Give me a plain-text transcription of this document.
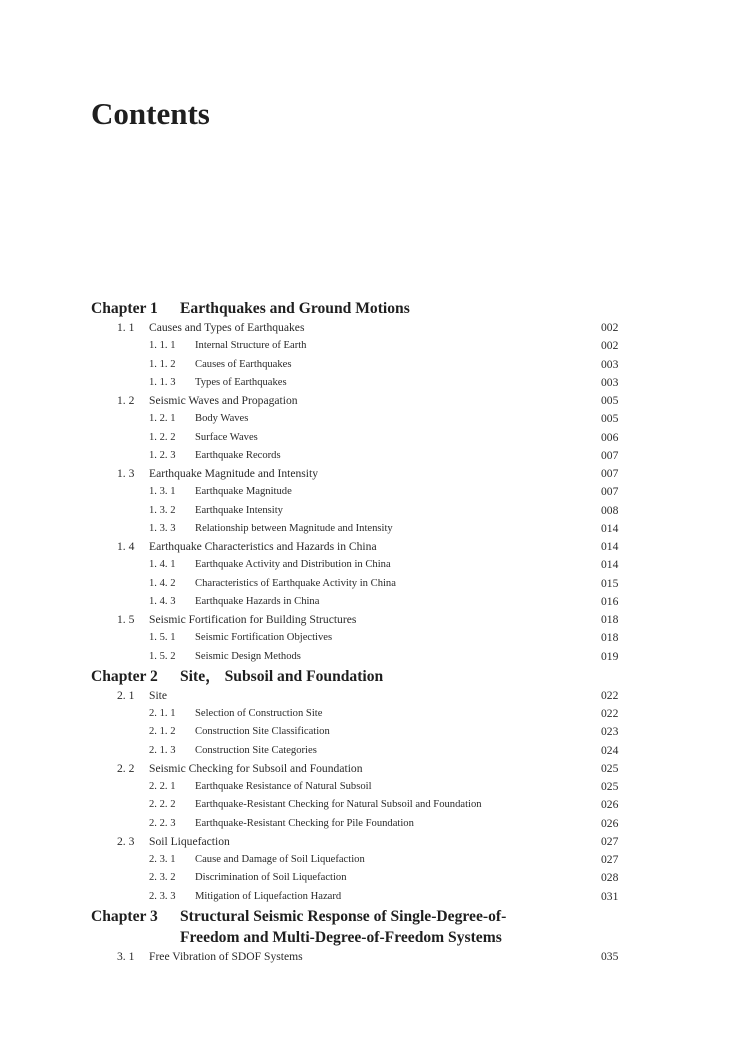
Contents
Chapter 1 Earthquakes and Ground Motions
1. 1 Causes and Types of Earthquakes	002
1. 1. 1 Internal Structure of Earth	002
1. 1. 2 Causes of Earthquakes	003
1. 1. 3 Types of Earthquakes	003
1. 2 Seismic Waves and Propagation	005
1. 2. 1 Body Waves	005
1. 2. 2 Surface Waves	006
1. 2. 3 Earthquake Records	007
1. 3 Earthquake Magnitude and Intensity	007
1. 3. 1 Earthquake Magnitude	007
1. 3. 2 Earthquake Intensity	008
1. 3. 3 Relationship between Magnitude and Intensity	014
1. 4 Earthquake Characteristics and Hazards in China	014
1. 4. 1 Earthquake Activity and Distribution in China	014
1. 4. 2 Characteristics of Earthquake Activity in China	015
1. 4. 3 Earthquake Hazards in China	016
1. 5 Seismic Fortification for Building Structures	018
1. 5. 1 Seismic Fortification Objectives	018
1. 5. 2 Seismic Design Methods	019
Chapter 2 Site， Subsoil and Foundation
2. 1 Site	022
2. 1. 1 Selection of Construction Site	022
2. 1. 2 Construction Site Classification	023
2. 1. 3 Construction Site Categories	024
2. 2 Seismic Checking for Subsoil and Foundation	025
2. 2. 1 Earthquake Resistance of Natural Subsoil	025
2. 2. 2 Earthquake-Resistant Checking for Natural Subsoil and Foundation	026
2. 2. 3 Earthquake-Resistant Checking for Pile Foundation	026
2. 3 Soil Liquefaction	027
2. 3. 1 Cause and Damage of Soil Liquefaction	027
2. 3. 2 Discrimination of Soil Liquefaction	028
2. 3. 3 Mitigation of Liquefaction Hazard	031
Chapter 3 Structural Seismic Response of Single-Degree-of-
Freedom and Multi-Degree-of-Freedom Systems
3. 1 Free Vibration of SDOF Systems	035
